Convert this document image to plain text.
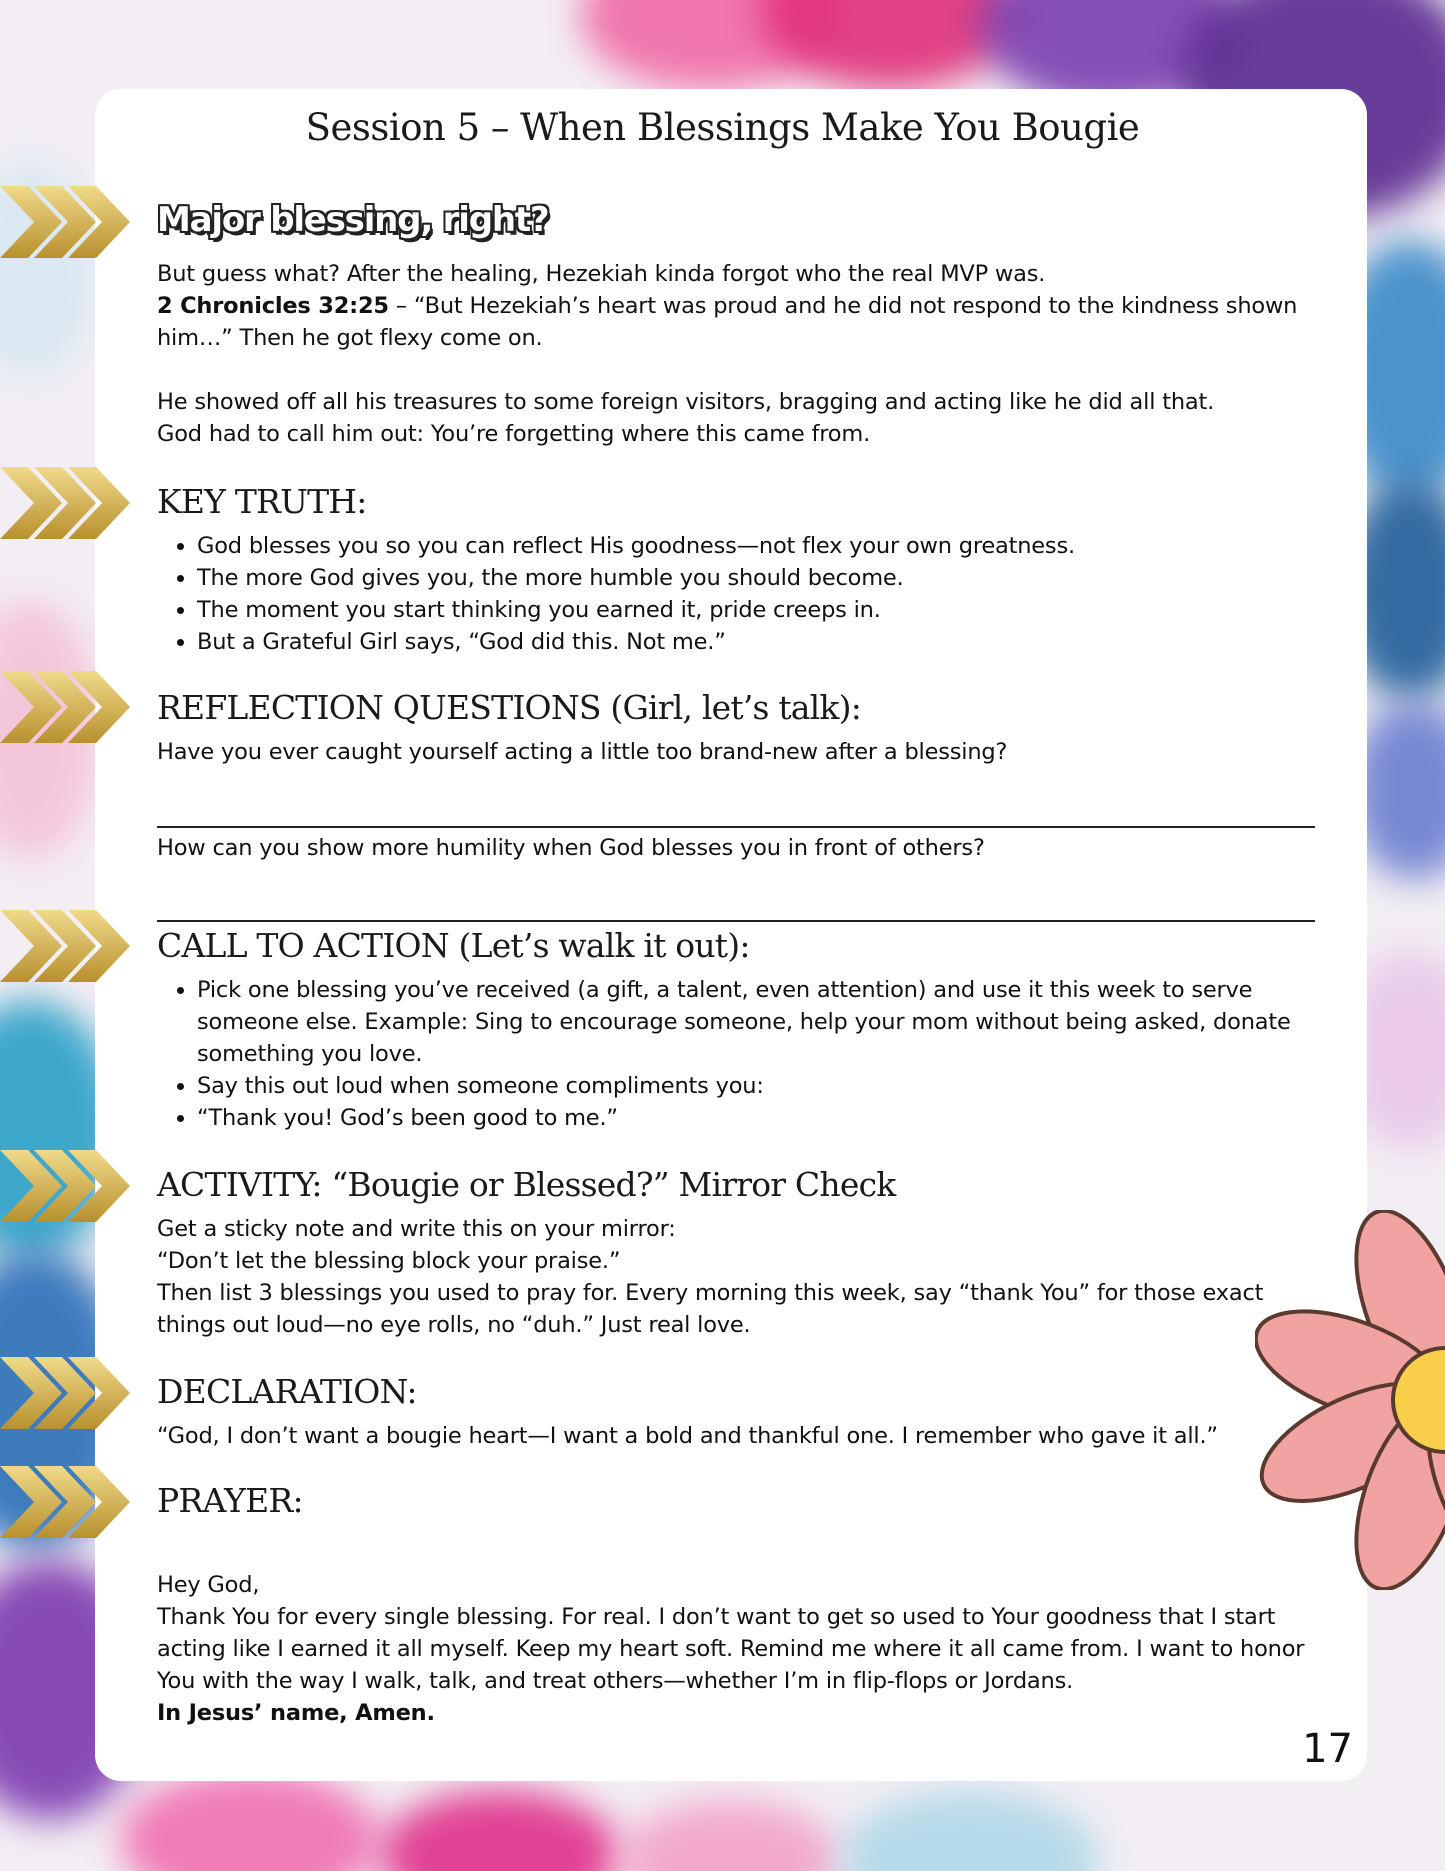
Session 5 – When Blessings Make You Bougie
Major blessing, right?

But guess what? After the healing, Hezekiah kinda forgot who the real MVP was.

2 Chronicles 32:25 – “But Hezekiah’s heart was proud and he did not respond to the kindness shown him…” Then he got flexy come on.

He showed off all his treasures to some foreign visitors, bragging and acting like he did all that.

God had to call him out: You’re forgetting where this came from.

KEY TRUTH:
• God blesses you so you can reflect His goodness—not flex your own greatness.
• The more God gives you, the more humble you should become.
• The moment you start thinking you earned it, pride creeps in.
• But a Grateful Girl says, “God did this. Not me.”
REFLECTION QUESTIONS (Girl, let’s talk):
Have you ever caught yourself acting a little too brand-new after a blessing?
How can you show more humility when God blesses you in front of others?
CALL TO ACTION (Let’s walk it out):
• Pick one blessing you’ve received (a gift, a talent, even attention) and use it this week to serve someone else. Example: Sing to encourage someone, help your mom without being asked, donate something you love.
• Say this out loud when someone compliments you:
• “Thank you! God’s been good to me.”
ACTIVITY: “Bougie or Blessed?” Mirror Check

Get a sticky note and write this on your mirror:

“Don’t let the blessing block your praise.”

Then list 3 blessings you used to pray for. Every morning this week, say “thank You” for those exact things out loud—no eye rolls, no “duh.” Just real love.

DECLARATION:
“God, I don’t want a bougie heart—I want a bold and thankful one. I remember who gave it all.”
PRAYER:

Hey God,

Thank You for every single blessing. For real. I don’t want to get so used to Your goodness that I start acting like I earned it all myself. Keep my heart soft. Remind me where it all came from. I want to honor You with the way I walk, talk, and treat others—whether I’m in flip-flops or Jordans.

In Jesus’ name, Amen.

17
